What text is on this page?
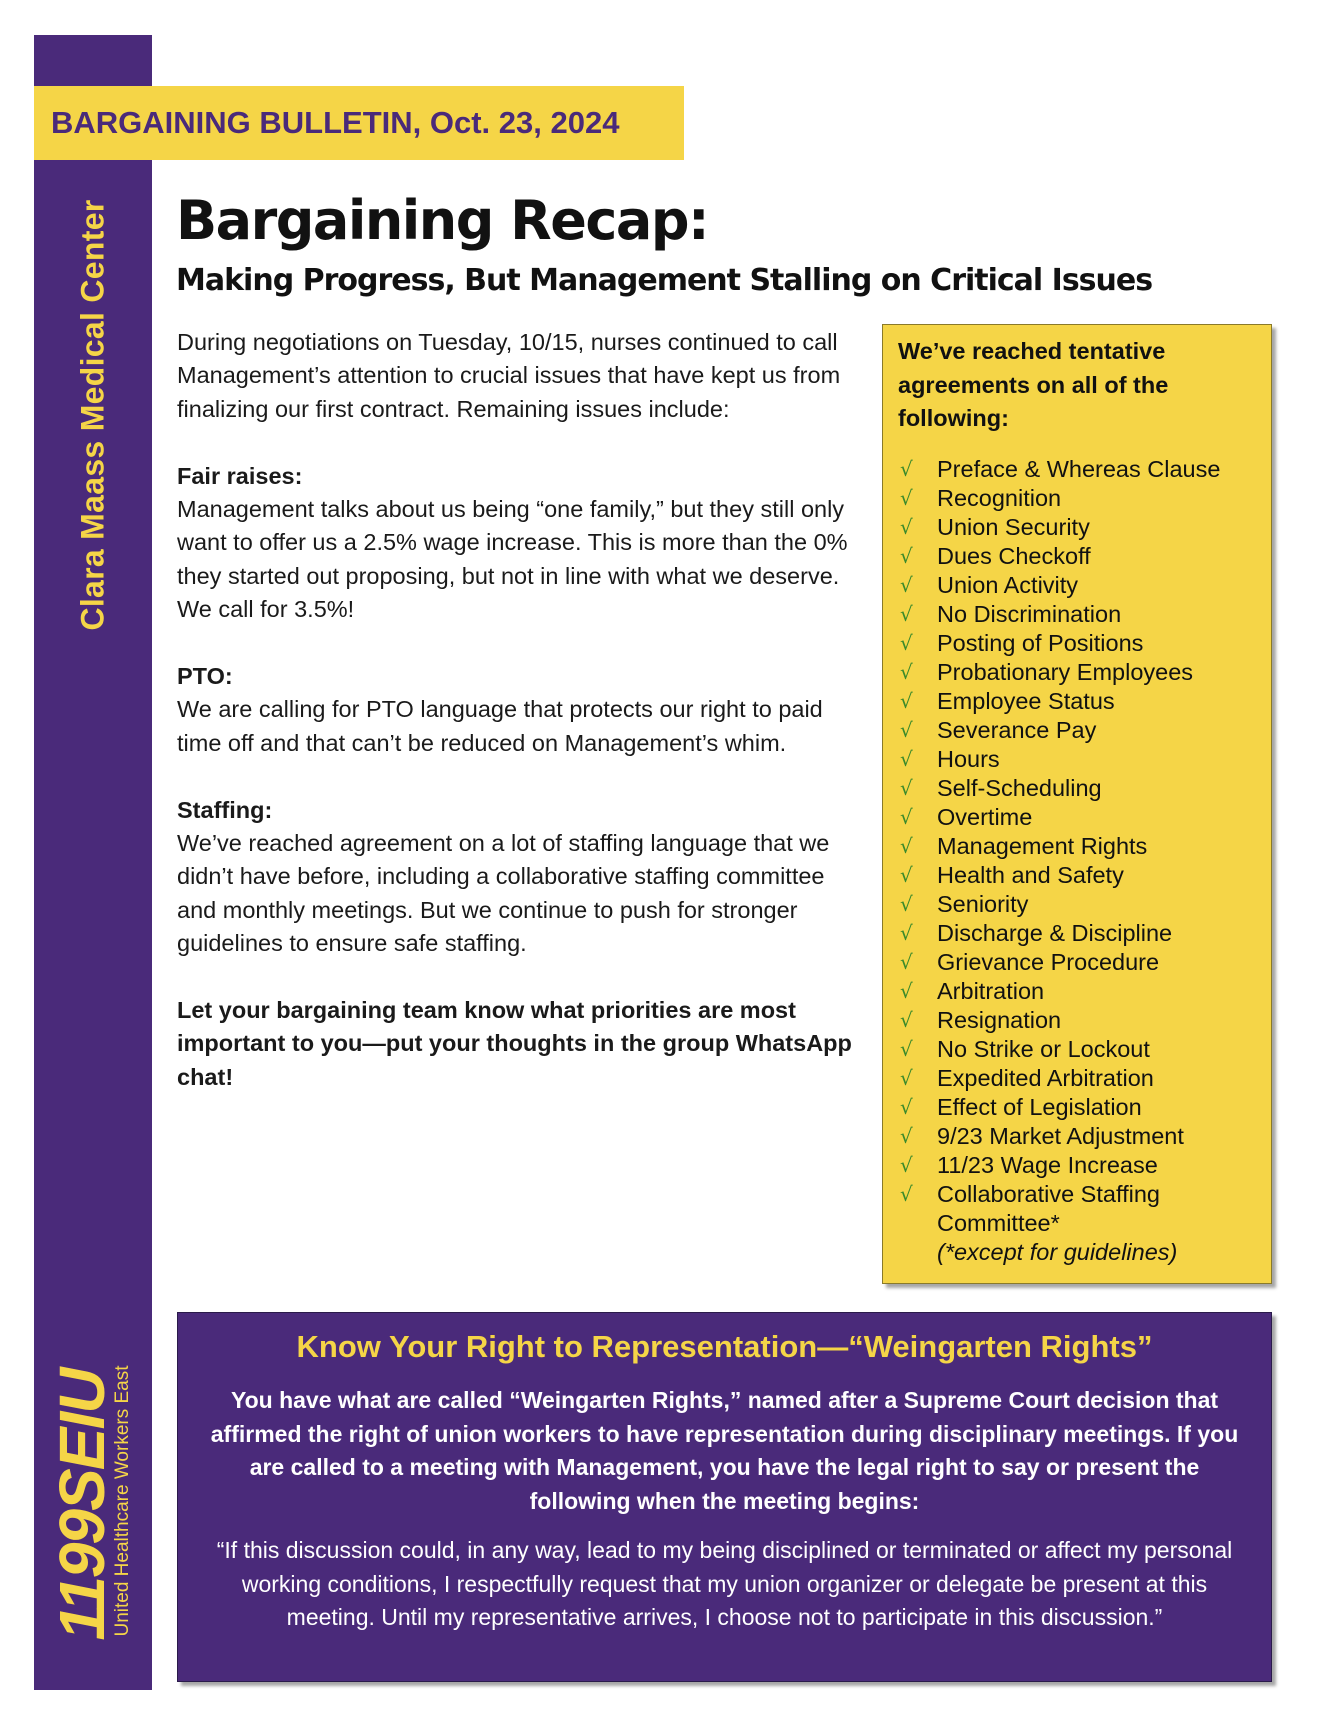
Clara Maass Medical Center
1199SEIU
United Healthcare Workers East
BARGAINING BULLETIN, Oct. 23, 2024
Bargaining Recap:
Making Progress, But Management Stalling on Critical Issues

During negotiations on Tuesday, 10/15, nurses continued to call Management’s attention to crucial issues that have kept us from finalizing our first contract. Remaining issues include:

Fair raises:

Management talks about us being “one family,” but they still only want to offer us a 2.5% wage increase. This is more than the 0% they started out proposing, but not in line with what we deserve. We call for 3.5%!

PTO:

We are calling for PTO language that protects our right to paid time off and that can’t be reduced on Management’s whim.

Staffing:

We’ve reached agreement on a lot of staffing language that we didn’t have before, including a collaborative staffing committee and monthly meetings. But we continue to push for stronger guidelines to ensure safe staffing.

Let your bargaining team know what priorities are most important to you—put your thoughts in the group WhatsApp chat!

We’ve reached tentative agreements on all of the following:
√	Preface & Whereas Clause
√	Recognition
√	Union Security
√	Dues Checkoff
√	Union Activity
√	No Discrimination
√	Posting of Positions
√	Probationary Employees
√	Employee Status
√	Severance Pay
√	Hours
√	Self-Scheduling
√	Overtime
√	Management Rights
√	Health and Safety
√	Seniority
√	Discharge & Discipline
√	Grievance Procedure
√	Arbitration
√	Resignation
√	No Strike or Lockout
√	Expedited Arbitration
√	Effect of Legislation
√	9/23 Market Adjustment
√	11/23 Wage Increase
√	Collaborative Staffing Committee*
(*except for guidelines)
Know Your Right to Representation—“Weingarten Rights”
You have what are called “Weingarten Rights,” named after a Supreme Court decision that affirmed the right of union workers to have representation during disciplinary meetings. If you are called to a meeting with Management, you have the legal right to say or present the following when the meeting begins:
“If this discussion could, in any way, lead to my being disciplined or terminated or affect my personal working conditions, I respectfully request that my union organizer or delegate be present at this meeting. Until my representative arrives, I choose not to participate in this discussion.”
